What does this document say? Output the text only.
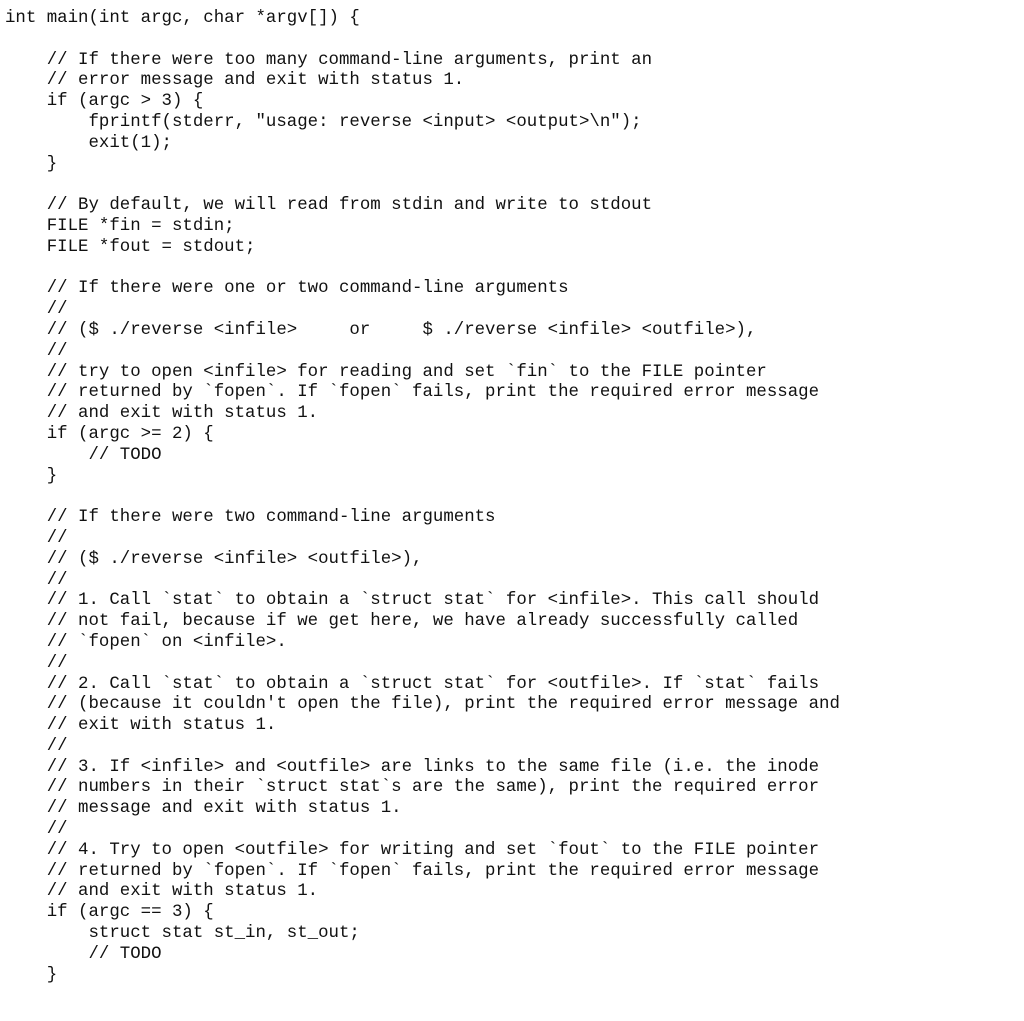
int main(int argc, char *argv[]) {
// If there were too many command-line arguments, print an
// error message and exit with status 1.
if (argc > 3) {
fprintf(stderr, "usage: reverse <input> <output>\n");
exit(1);
}
// By default, we will read from stdin and write to stdout
FILE *fin = stdin;
FILE *fout = stdout;
// If there were one or two command-line arguments
//
// ($ ./reverse <infile>     or     $ ./reverse <infile> <outfile>),
//
// try to open <infile> for reading and set `fin` to the FILE pointer
// returned by `fopen`. If `fopen` fails, print the required error message
// and exit with status 1.
if (argc >= 2) {
// TODO
}
// If there were two command-line arguments
//
// ($ ./reverse <infile> <outfile>),
//
// 1. Call `stat` to obtain a `struct stat` for <infile>. This call should
// not fail, because if we get here, we have already successfully called
// `fopen` on <infile>.
//
// 2. Call `stat` to obtain a `struct stat` for <outfile>. If `stat` fails
// (because it couldn't open the file), print the required error message and
// exit with status 1.
//
// 3. If <infile> and <outfile> are links to the same file (i.e. the inode
// numbers in their `struct stat`s are the same), print the required error
// message and exit with status 1.
//
// 4. Try to open <outfile> for writing and set `fout` to the FILE pointer
// returned by `fopen`. If `fopen` fails, print the required error message
// and exit with status 1.
if (argc == 3) {
struct stat st_in, st_out;
// TODO
}
